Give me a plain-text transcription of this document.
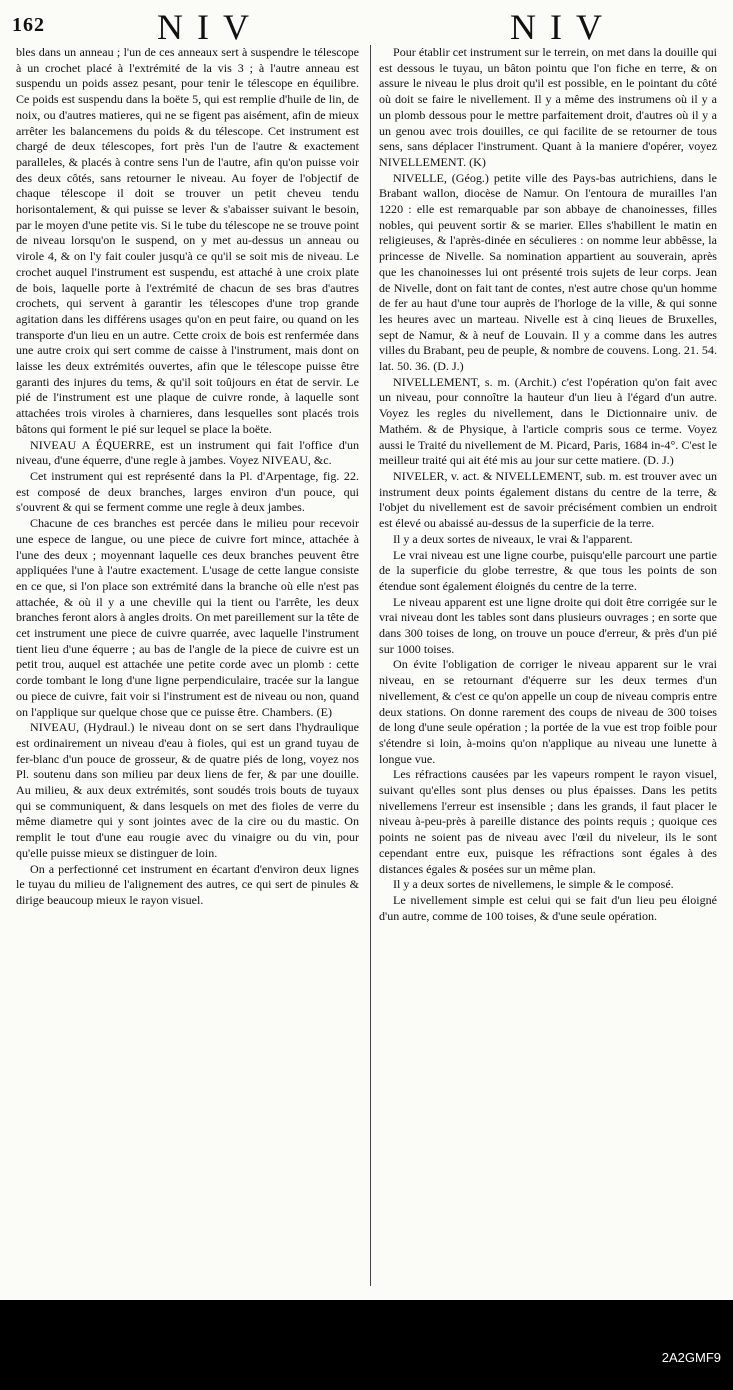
162	NIV	NIV

bles dans un anneau ; l'un de ces anneaux sert à suspendre le télescope à un crochet placé à l'extrémité de la vis 3 ; à l'autre anneau est suspendu un poids assez pesant, pour tenir le télescope en équilibre. Ce poids est suspendu dans la boëte 5, qui est remplie d'huile de lin, de noix, ou d'autres matieres, qui ne se figent pas aisément, afin de mieux arrêter les balancemens du poids & du télescope. Cet instrument est chargé de deux télescopes, fort près l'un de l'autre & exactement paralleles, & placés à contre sens l'un de l'autre, afin qu'on puisse voir des deux côtés, sans retourner le niveau. Au foyer de l'objectif de chaque télescope il doit se trouver un petit cheveu tendu horisontalement, & qui puisse se lever & s'abaisser suivant le besoin, par le moyen d'une petite vis. Si le tube du télescope ne se trouve point de niveau lorsqu'on le suspend, on y met au-dessus un anneau ou virole 4, & on l'y fait couler jusqu'à ce qu'il se soit mis de niveau. Le crochet auquel l'instrument est suspendu, est attaché à une croix plate de bois, laquelle porte à l'extrémité de chacun de ses bras d'autres crochets, qui servent à garantir les télescopes d'une trop grande agitation dans les différens usages qu'on en peut faire, ou quand on les transporte d'un lieu en un autre. Cette croix de bois est renfermée dans une autre croix qui sert comme de caisse à l'instrument, mais dont on laisse les deux extrémités ouvertes, afin que le télescope puisse être garanti des injures du tems, & qu'il soit toûjours en état de servir. Le pié de l'instrument est une plaque de cuivre ronde, à laquelle sont attachées trois viroles à charnieres, dans lesquelles sont placés trois bâtons qui forment le pié sur lequel se place la boëte.

NIVEAU A ÉQUERRE, est un instrument qui fait l'office d'un niveau, d'une équerre, d'une regle à jambes. Voyez NIVEAU, &c.

Cet instrument qui est représenté dans la Pl. d'Arpentage, fig. 22. est composé de deux branches, larges environ d'un pouce, qui s'ouvrent & qui se ferment comme une regle à deux jambes.

Chacune de ces branches est percée dans le milieu pour recevoir une espece de langue, ou une piece de cuivre fort mince, attachée à l'une des deux ; moyennant laquelle ces deux branches peuvent être appliquées l'une à l'autre exactement. L'usage de cette langue consiste en ce que, si l'on place son extrémité dans la branche où elle n'est pas attachée, & où il y a une cheville qui la tient ou l'arrête, les deux branches feront alors à angles droits. On met pareillement sur la tête de cet instrument une piece de cuivre quarrée, avec laquelle l'instrument tient lieu d'une équerre ; au bas de l'angle de la piece de cuivre est un petit trou, auquel est attachée une petite corde avec un plomb : cette corde tombant le long d'une ligne perpendiculaire, tracée sur la langue ou piece de cuivre, fait voir si l'instrument est de niveau ou non, quand on l'applique sur quelque chose que ce puisse être. Chambers. (E)

NIVEAU, (Hydraul.) le niveau dont on se sert dans l'hydraulique est ordinairement un niveau d'eau à fioles, qui est un grand tuyau de fer-blanc d'un pouce de grosseur, & de quatre piés de long, voyez nos Pl. soutenu dans son milieu par deux liens de fer, & par une douille. Au milieu, & aux deux extrémités, sont soudés trois bouts de tuyaux qui se communiquent, & dans lesquels on met des fioles de verre du même diametre qui y sont jointes avec de la cire ou du mastic. On remplit le tout d'une eau rougie avec du vinaigre ou du vin, pour qu'elle puisse mieux se distinguer de loin.

On a perfectionné cet instrument en écartant d'environ deux lignes le tuyau du milieu de l'alignement des autres, ce qui sert de pinules & dirige beaucoup mieux le rayon visuel.

Pour établir cet instrument sur le terrein, on met dans la douille qui est dessous le tuyau, un bâton pointu que l'on fiche en terre, & on assure le niveau le plus droit qu'il est possible, en le pointant du côté où doit se faire le nivellement. Il y a même des instrumens où il y a un plomb dessous pour le mettre parfaitement droit, d'autres où il y a un genou avec trois douilles, ce qui facilite de se retourner de tous sens, sans déplacer l'instrument. Quant à la maniere d'opérer, voyez NIVELLEMENT. (K)

NIVELLE, (Géog.) petite ville des Pays-bas autrichiens, dans le Brabant wallon, diocèse de Namur. On l'entoura de murailles l'an 1220 : elle est remarquable par son abbaye de chanoinesses, filles nobles, qui peuvent sortir & se marier. Elles s'habillent le matin en religieuses, & l'après-dinée en séculieres : on nomme leur abbêsse, la princesse de Nivelle. Sa nomination appartient au souverain, après que les chanoinesses lui ont présenté trois sujets de leur corps. Jean de Nivelle, dont on fait tant de contes, n'est autre chose qu'un homme de fer au haut d'une tour auprès de l'horloge de la ville, & qui sonne les heures avec un marteau. Nivelle est à cinq lieues de Bruxelles, sept de Namur, & à neuf de Louvain. Il y a comme dans les autres villes du Brabant, peu de peuple, & nombre de couvens. Long. 21. 54. lat. 50. 36. (D. J.)

NIVELLEMENT, s. m. (Archit.) c'est l'opération qu'on fait avec un niveau, pour connoître la hauteur d'un lieu à l'égard d'un autre. Voyez les regles du nivellement, dans le Dictionnaire univ. de Mathém. & de Physique, à l'article compris sous ce terme. Voyez aussi le Traité du nivellement de M. Picard, Paris, 1684 in-4°. C'est le meilleur traité qui ait été mis au jour sur cette matiere. (D. J.)

NIVELER, v. act. & NIVELLEMENT, sub. m. est trouver avec un instrument deux points également distans du centre de la terre, & l'objet du nivellement est de savoir précisément combien un endroit est élevé ou abaissé au-dessus de la superficie de la terre.

Il y a deux sortes de niveaux, le vrai & l'apparent.

Le vrai niveau est une ligne courbe, puisqu'elle parcourt une partie de la superficie du globe terrestre, & que tous les points de son étendue sont également éloignés du centre de la terre.

Le niveau apparent est une ligne droite qui doit être corrigée sur le vrai niveau dont les tables sont dans plusieurs ouvrages ; en sorte que dans 300 toises de long, on trouve un pouce d'erreur, & près d'un pié sur 1000 toises.

On évite l'obligation de corriger le niveau apparent sur le vrai niveau, en se retournant d'équerre sur les deux termes d'un nivellement, & c'est ce qu'on appelle un coup de niveau compris entre deux stations. On donne rarement des coups de niveau de 300 toises de long d'une seule opération ; la portée de la vue est trop foible pour s'étendre si loin, à-moins qu'on n'applique au niveau une lunette à longue vue.

Les réfractions causées par les vapeurs rompent le rayon visuel, suivant qu'elles sont plus denses ou plus épaisses. Dans les petits nivellemens l'erreur est insensible ; dans les grands, il faut placer le niveau à-peu-près à pareille distance des points requis ; quoique ces points ne soient pas de niveau avec l'œil du niveleur, ils le sont cependant entre eux, puisque les réfractions sont égales à des distances égales & posées sur un même plan.

Il y a deux sortes de nivellemens, le simple & le composé.

Le nivellement simple est celui qui se fait d'un lieu peu éloigné d'un autre, comme de 100 toises, & d'une seule opération.

2A2GMF9
